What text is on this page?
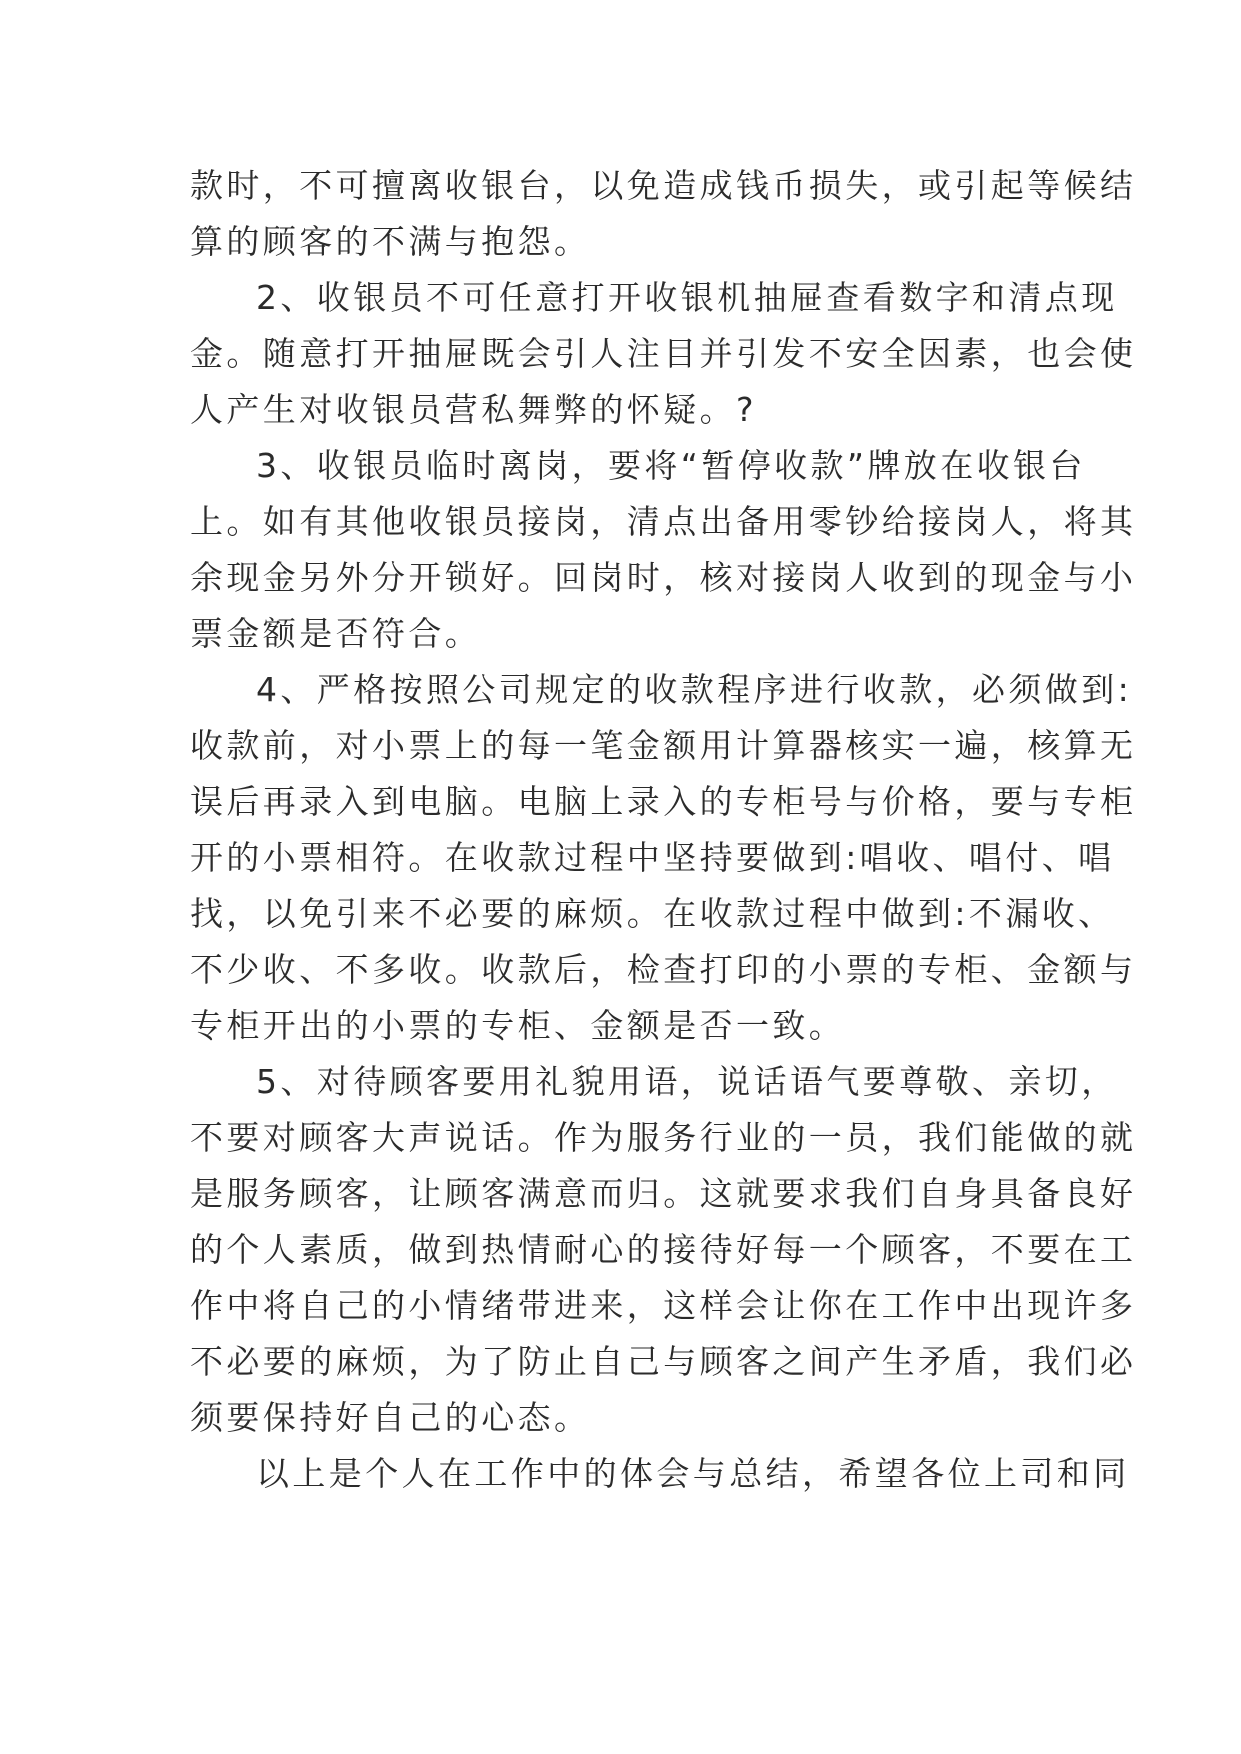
款时，不可擅离收银台，以免造成钱币损失，或引起等候结
算的顾客的不满与抱怨。
2、收银员不可任意打开收银机抽屉查看数字和清点现
金。随意打开抽屉既会引人注目并引发不安全因素，也会使
人产生对收银员营私舞弊的怀疑。?
3、收银员临时离岗，要将“暂停收款”牌放在收银台
上。如有其他收银员接岗，清点出备用零钞给接岗人，将其
余现金另外分开锁好。回岗时，核对接岗人收到的现金与小
票金额是否符合。
4、严格按照公司规定的收款程序进行收款，必须做到:
收款前，对小票上的每一笔金额用计算器核实一遍，核算无
误后再录入到电脑。电脑上录入的专柜号与价格，要与专柜
开的小票相符。在收款过程中坚持要做到:唱收、唱付、唱
找，以免引来不必要的麻烦。在收款过程中做到:不漏收、
不少收、不多收。收款后，检查打印的小票的专柜、金额与
专柜开出的小票的专柜、金额是否一致。
5、对待顾客要用礼貌用语，说话语气要尊敬、亲切，
不要对顾客大声说话。作为服务行业的一员，我们能做的就
是服务顾客，让顾客满意而归。这就要求我们自身具备良好
的个人素质，做到热情耐心的接待好每一个顾客，不要在工
作中将自己的小情绪带进来，这样会让你在工作中出现许多
不必要的麻烦，为了防止自己与顾客之间产生矛盾，我们必
须要保持好自己的心态。
以上是个人在工作中的体会与总结，希望各位上司和同
